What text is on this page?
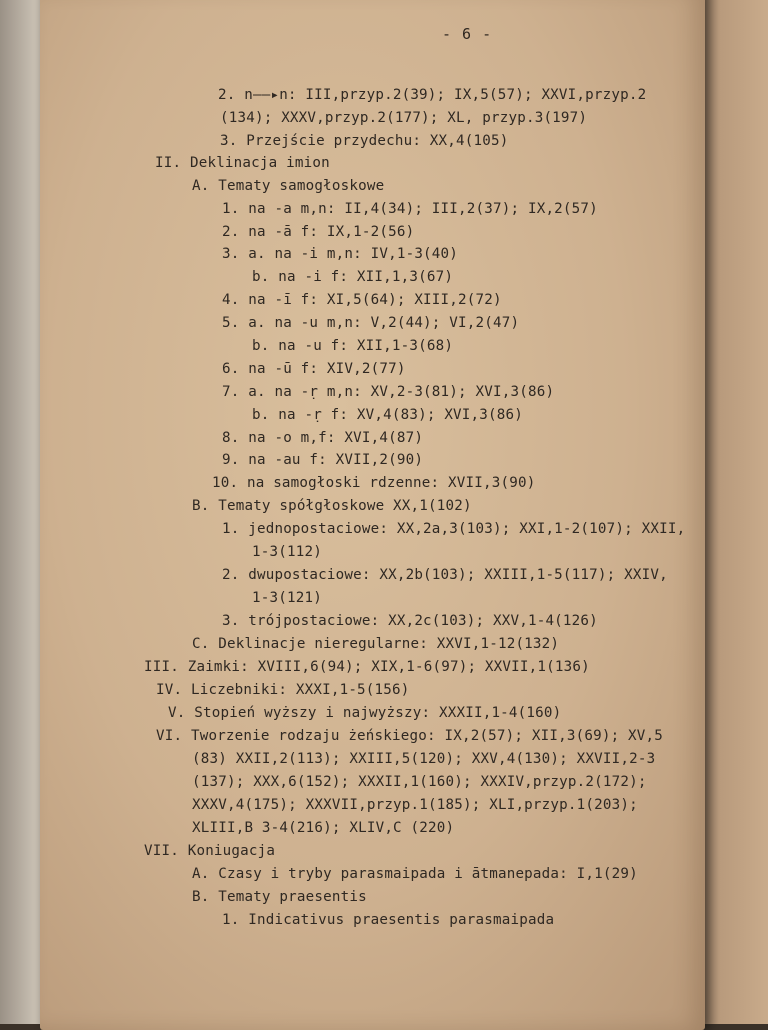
- 6 -
2. n——▸n: III,przyp.2(39); IX,5(57); XXVI,przyp.2
(134); XXXV,przyp.2(177); XL, przyp.3(197)
3. Przejście przydechu: XX,4(105)
II. Deklinacja imion
A. Tematy samogłoskowe
1. na -a m,n: II,4(34); III,2(37); IX,2(57)
2. na -ā f: IX,1-2(56)
3. a. na -i m,n: IV,1-3(40)
b. na -i f: XII,1,3(67)
4. na -ī f: XI,5(64); XIII,2(72)
5. a. na -u m,n: V,2(44); VI,2(47)
b. na -u f: XII,1-3(68)
6. na -ū f: XIV,2(77)
7. a. na -ṛ m,n: XV,2-3(81); XVI,3(86)
b. na -ṛ f: XV,4(83); XVI,3(86)
8. na -o m,f: XVI,4(87)
9. na -au f: XVII,2(90)
10. na samogłoski rdzenne: XVII,3(90)
B. Tematy spółgłoskowe XX,1(102)
1. jednopostaciowe: XX,2a,3(103); XXI,1-2(107); XXII,
1-3(112)
2. dwupostaciowe: XX,2b(103); XXIII,1-5(117); XXIV,
1-3(121)
3. trójpostaciowe: XX,2c(103); XXV,1-4(126)
C. Deklinacje nieregularne: XXVI,1-12(132)
III. Zaimki: XVIII,6(94); XIX,1-6(97); XXVII,1(136)
IV. Liczebniki: XXXI,1-5(156)
V. Stopień wyższy i najwyższy: XXXII,1-4(160)
VI. Tworzenie rodzaju żeńskiego: IX,2(57); XII,3(69); XV,5
(83) XXII,2(113); XXIII,5(120); XXV,4(130); XXVII,2-3
(137); XXX,6(152); XXXII,1(160); XXXIV,przyp.2(172);
XXXV,4(175); XXXVII,przyp.1(185); XLI,przyp.1(203);
XLIII,B 3-4(216); XLIV,C (220)
VII. Koniugacja
A. Czasy i tryby parasmaipada i ātmanepada: I,1(29)
B. Tematy praesentis
1. Indicativus praesentis parasmaipada
